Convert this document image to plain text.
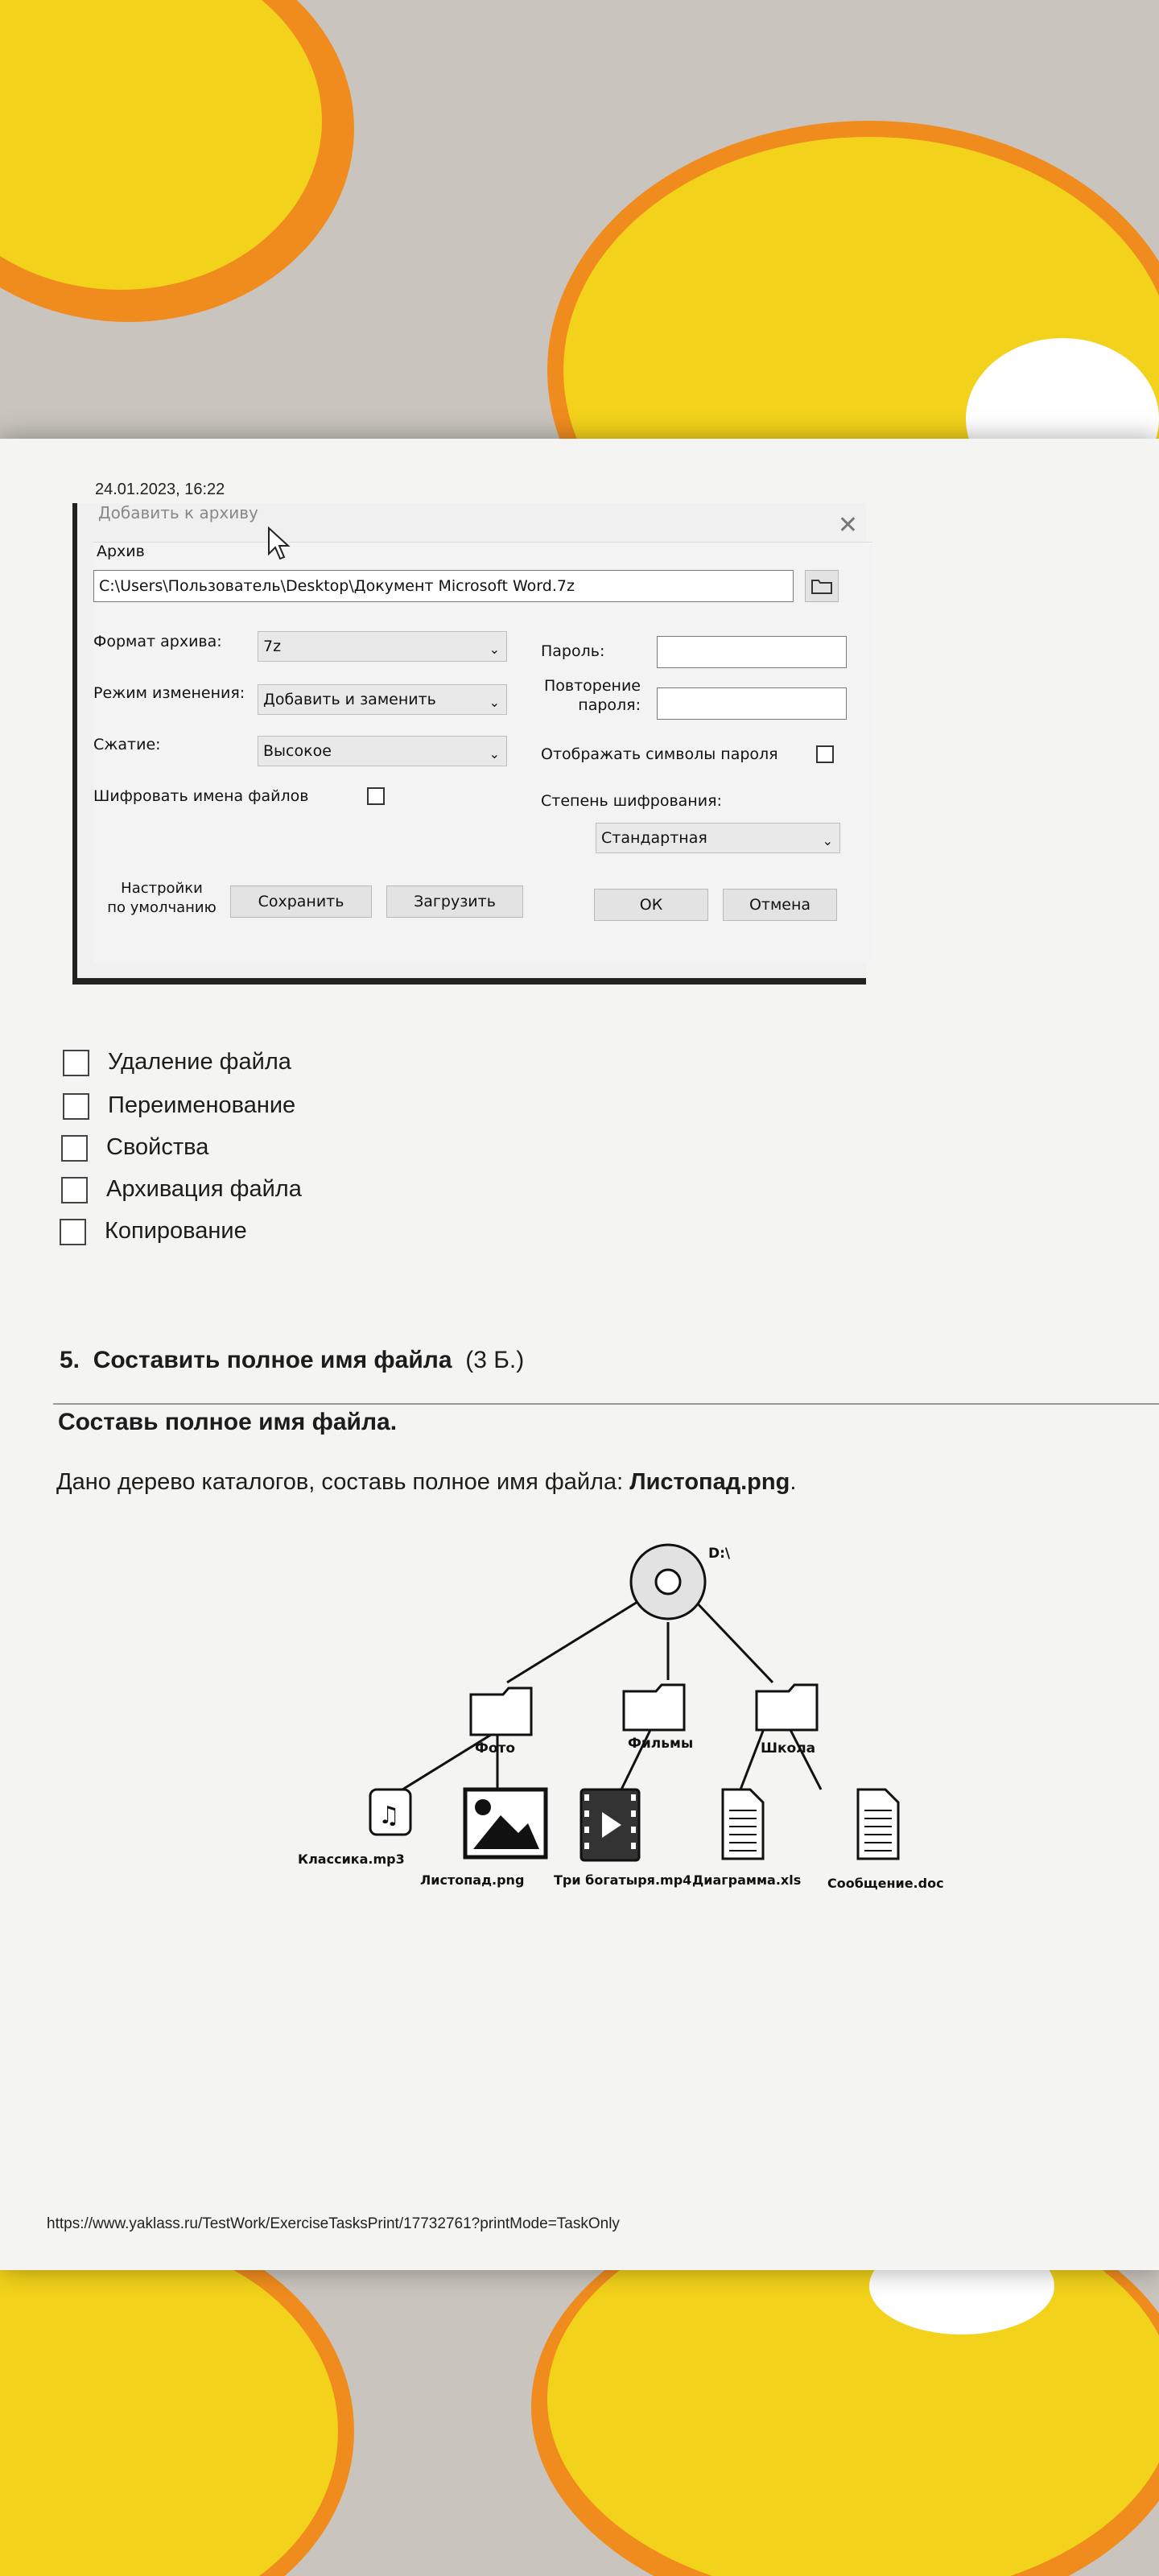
24.01.2023, 16:22
Добавить к архиву	✕
Архив
C:\Users\Пользователь\Desktop\Документ Microsoft Word.7z
Формат архива:	7z	⌄
Режим изменения:	Добавить и заменить	⌄
Сжатие:	Высокое	⌄
Шифровать имена файлов
Пароль:
Повторение
пароля:
Отображать символы пароля
Степень шифрования:
Стандартная	⌄
Настройки
по умолчанию	Сохранить	Загрузить	ОК	Отмена
Удаление файла
Переименование
Свойства
Архивация файла
Копирование
5. Составить полное имя файла (3 Б.)
Составь полное имя файла.
Дано дерево каталогов, составь полное имя файла: Листопад.png.
D:\
Фото	Фильмы	Школа
♫
Классика.mp3
Листопад.png Три богатыря.mp4 Диаграмма.xls Сообщение.doc
https://www.yaklass.ru/TestWork/ExerciseTasksPrint/17732761?printMode=TaskOnly
